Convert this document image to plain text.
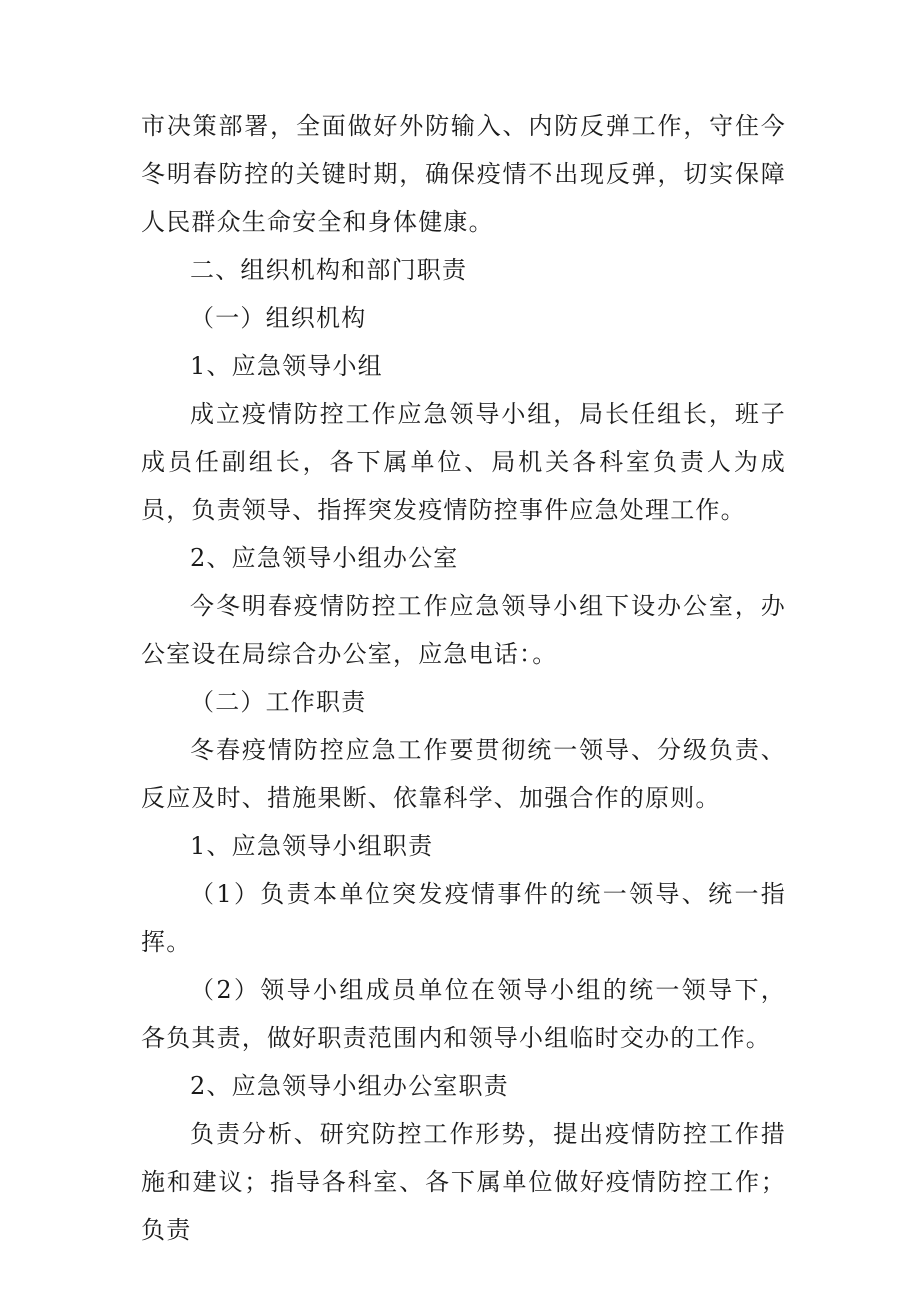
市决策部署，全面做好外防输入、内防反弹工作，守住今冬明春防控的关键时期，确保疫情不出现反弹，切实保障人民群众生命安全和身体健康。

二、组织机构和部门职责

（一）组织机构

1、应急领导小组

成立疫情防控工作应急领导小组，局长任组长，班子成员任副组长，各下属单位、局机关各科室负责人为成员，负责领导、指挥突发疫情防控事件应急处理工作。

2、应急领导小组办公室

今冬明春疫情防控工作应急领导小组下设办公室，办公室设在局综合办公室，应急电话：。

（二）工作职责

冬春疫情防控应急工作要贯彻统一领导、分级负责、反应及时、措施果断、依靠科学、加强合作的原则。

1、应急领导小组职责

（1）负责本单位突发疫情事件的统一领导、统一指挥。

（2）领导小组成员单位在领导小组的统一领导下，各负其责，做好职责范围内和领导小组临时交办的工作。

2、应急领导小组办公室职责

负责分析、研究防控工作形势，提出疫情防控工作措施和建议；指导各科室、各下属单位做好疫情防控工作；负责
